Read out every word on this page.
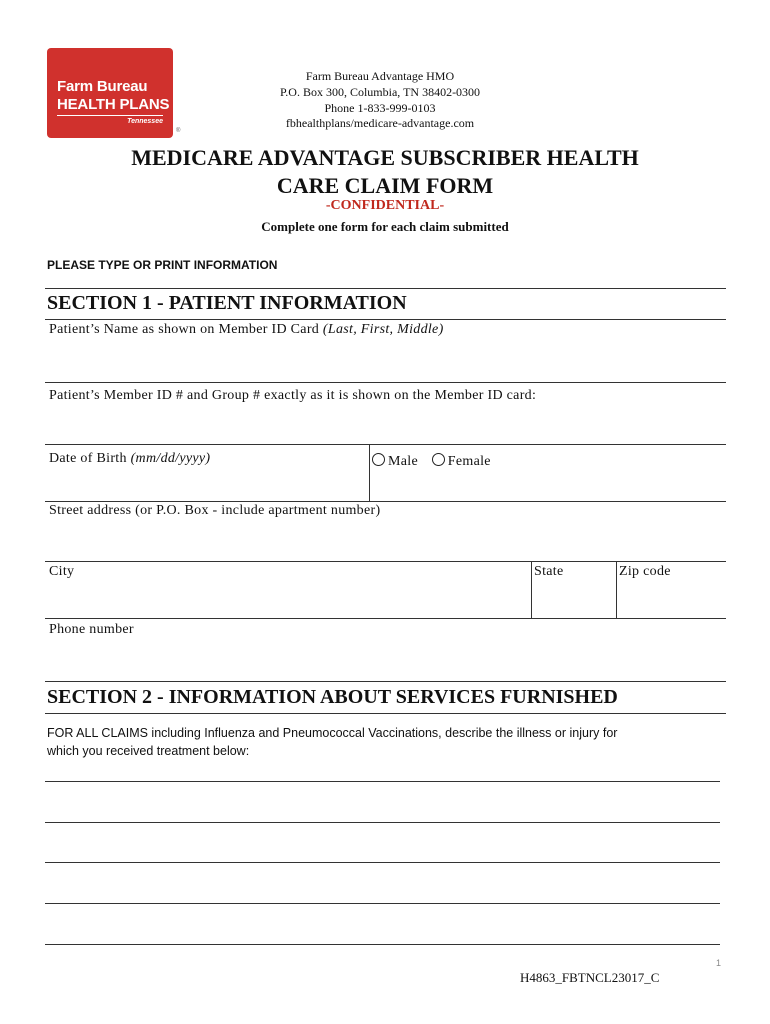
Farm Bureau
HEALTH PLANS
Tennessee
®
Farm Bureau Advantage HMO
P.O. Box 300, Columbia, TN 38402-0300
Phone 1-833-999-0103
fbhealthplans/medicare-advantage.com
MEDICARE ADVANTAGE SUBSCRIBER HEALTH
CARE CLAIM FORM
-CONFIDENTIAL-
Complete one form for each claim submitted
PLEASE TYPE OR PRINT INFORMATION
SECTION 1 - PATIENT INFORMATION
Patient’s Name as shown on Member ID Card (Last, First, Middle)
Patient’s Member ID # and Group # exactly as it is shown on the Member ID card:
Date of Birth (mm/dd/yyyy)	Male Female
Street address (or P.O. Box - include apartment number)
City	State	Zip code
Phone number
SECTION 2 - INFORMATION ABOUT SERVICES FURNISHED
FOR ALL CLAIMS including Influenza and Pneumococcal Vaccinations, describe the illness or injury for
which you received treatment below:
1
H4863_FBTNCL23017_C
